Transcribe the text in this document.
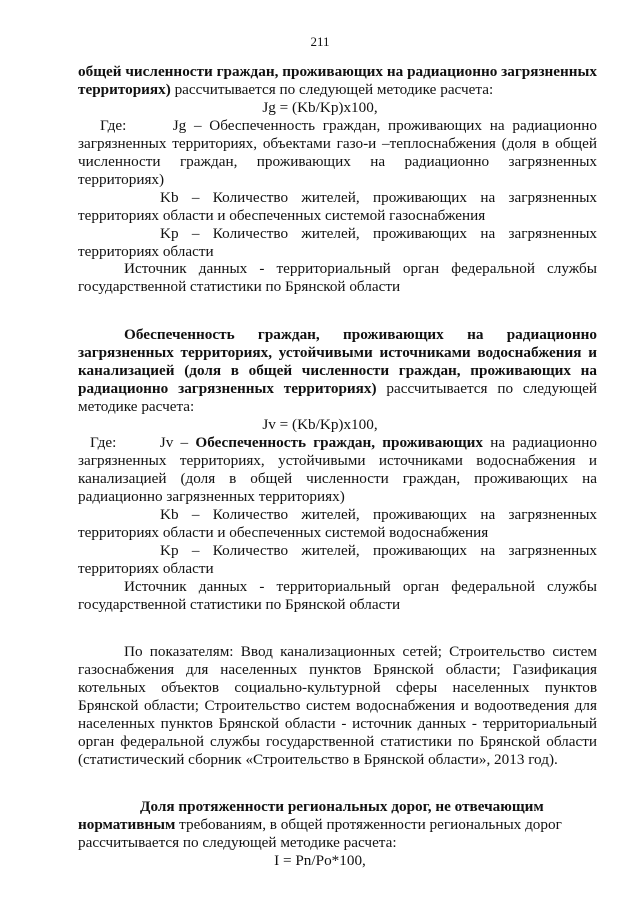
211
общей численности граждан, проживающих на радиационно загрязненных
территориях) рассчитывается по следующей методике расчета:
Jg = (Kb/Kp)x100,
Где:      Jg – Обеспеченность граждан, проживающих на радиационно
загрязненных территориях, объектами газо-и –теплоснабжения (доля в общей
численности граждан, проживающих на радиационно загрязненных
территориях)
Kb – Количество жителей, проживающих на загрязненных
территориях области и обеспеченных системой газоснабжения
Kp – Количество жителей, проживающих на загрязненных
территориях области
Источник данных - территориальный орган федеральной службы
государственной статистики по Брянской области
Обеспеченность граждан, проживающих на радиационно
загрязненных территориях, устойчивыми источниками водоснабжения и
канализацией (доля в общей численности граждан, проживающих на
радиационно загрязненных территориях) рассчитывается по следующей
методике расчета:
Jv = (Kb/Kp)x100,
Где:      Jv – Обеспеченность граждан, проживающих на радиационно
загрязненных территориях, устойчивыми источниками водоснабжения и
канализацией (доля в общей численности граждан, проживающих на
радиационно загрязненных территориях)
Kb – Количество жителей, проживающих на загрязненных
территориях области и обеспеченных системой водоснабжения
Kp – Количество жителей, проживающих на загрязненных
территориях области
Источник данных - территориальный орган федеральной службы
государственной статистики по Брянской области
По показателям: Ввод канализационных сетей; Строительство систем
газоснабжения для населенных пунктов Брянской области; Газификация
котельных объектов социально-культурной сферы населенных пунктов
Брянской области; Строительство систем водоснабжения и водоотведения для
населенных пунктов Брянской области - источник данных - территориальный
орган федеральной службы государственной статистики по Брянской области
(статистический сборник «Строительство в Брянской области», 2013 год).
Доля протяженности региональных дорог, не отвечающим
нормативным требованиям, в общей протяженности региональных дорог
рассчитывается по следующей методике расчета:
I = Pn/Po*100,
